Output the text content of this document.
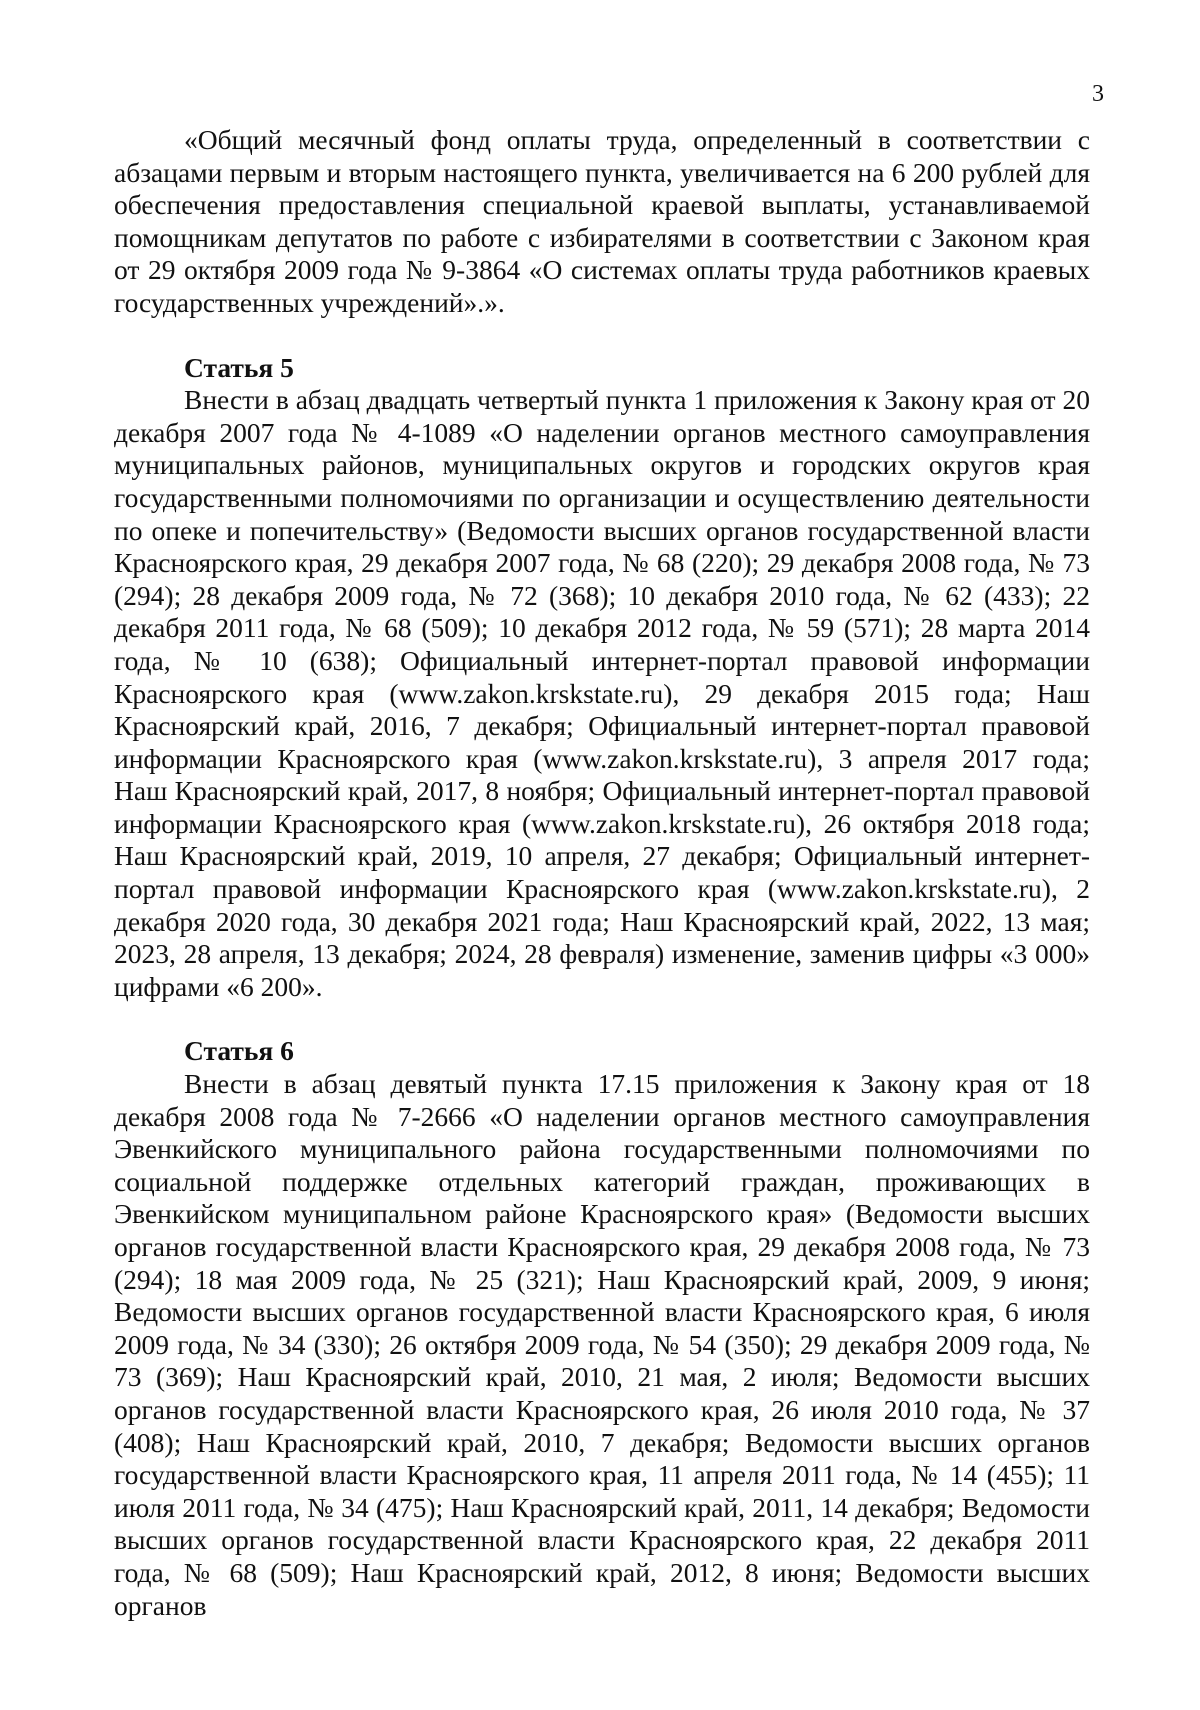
3

«Общий месячный фонд оплаты труда, определенный в соответствии с абзацами первым и вторым настоящего пункта, увеличивается на 6 200 рублей для обеспечения предоставления специальной краевой выплаты, устанавливаемой помощникам депутатов по работе с избирателями в соответствии с Законом края от 29 октября 2009 года № 9-3864 «О системах оплаты труда работников краевых государственных учреждений».».

Статья 5

Внести в абзац двадцать четвертый пункта 1 приложения к Закону края от 20 декабря 2007 года № 4-1089 «О наделении органов местного самоуправления муниципальных районов, муниципальных округов и городских округов края государственными полномочиями по организации и осуществлению деятельности по опеке и попечительству» (Ведомости высших органов государственной власти Красноярского края, 29 декабря 2007 года, № 68 (220); 29 декабря 2008 года, № 73 (294); 28 декабря 2009 года, № 72 (368); 10 декабря 2010 года, № 62 (433); 22 декабря 2011 года, № 68 (509); 10 декабря 2012 года, № 59 (571); 28 марта 2014 года, № 10 (638); Официальный интернет-портал правовой информации Красноярского края (www.zakon.krskstate.ru), 29 декабря 2015 года; Наш Красноярский край, 2016, 7 декабря; Официальный интернет-портал правовой информации Красноярского края (www.zakon.krskstate.ru), 3 апреля 2017 года; Наш Красноярский край, 2017, 8 ноября; Официальный интернет-портал правовой информации Красноярского края (www.zakon.krskstate.ru), 26 октября 2018 года; Наш Красноярский край, 2019, 10 апреля, 27 декабря; Официальный интернет-портал правовой информации Красноярского края (www.zakon.krskstate.ru), 2 декабря 2020 года, 30 декабря 2021 года; Наш Красноярский край, 2022, 13 мая; 2023, 28 апреля, 13 декабря; 2024, 28 февраля) изменение, заменив цифры «3 000» цифрами «6 200».

Статья 6

Внести в абзац девятый пункта 17.15 приложения к Закону края от 18 декабря 2008 года № 7-2666 «О наделении органов местного самоуправления Эвенкийского муниципального района государственными полномочиями по социальной поддержке отдельных категорий граждан, проживающих в Эвенкийском муниципальном районе Красноярского края» (Ведомости высших органов государственной власти Красноярского края, 29 декабря 2008 года, № 73 (294); 18 мая 2009 года, № 25 (321); Наш Красноярский край, 2009, 9 июня; Ведомости высших органов государственной власти Красноярского края, 6 июля 2009 года, № 34 (330); 26 октября 2009 года, № 54 (350); 29 декабря 2009 года, № 73 (369); Наш Красноярский край, 2010, 21 мая, 2 июля; Ведомости высших органов государственной власти Красноярского края, 26 июля 2010 года, № 37 (408); Наш Красноярский край, 2010, 7 декабря; Ведомости высших органов государственной власти Красноярского края, 11 апреля 2011 года, № 14 (455); 11 июля 2011 года, № 34 (475); Наш Красноярский край, 2011, 14 декабря; Ведомости высших органов государственной власти Красноярского края, 22 декабря 2011 года, № 68 (509); Наш Красноярский край, 2012, 8 июня; Ведомости высших органов
